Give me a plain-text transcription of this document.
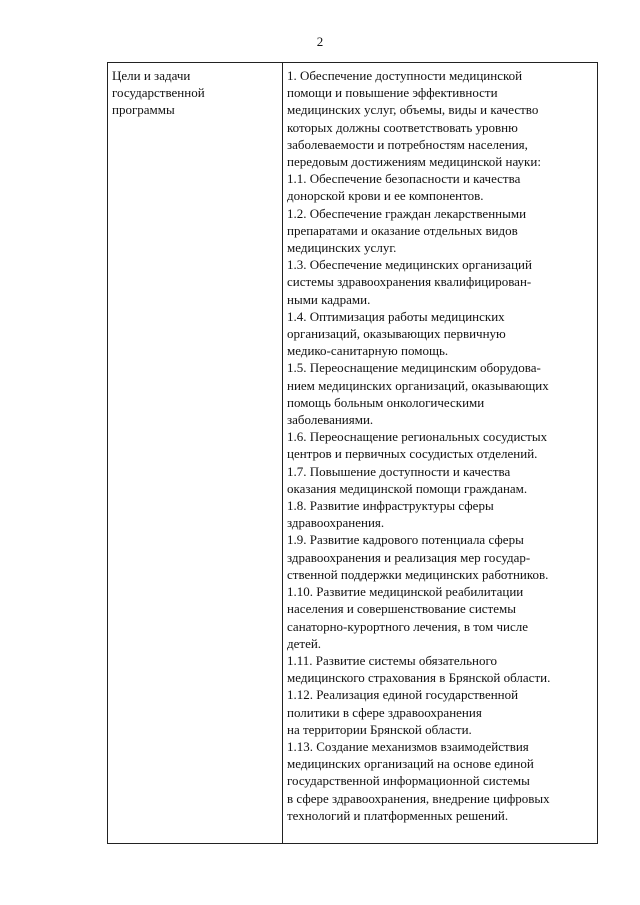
2
Цели и задачи
государственной
программы
1. Обеспечение доступности медицинской
помощи и повышение эффективности
медицинских услуг, объемы, виды и качество
которых должны соответствовать уровню
заболеваемости и потребностям населения,
передовым достижениям медицинской науки:
1.1. Обеспечение безопасности и качества
донорской крови и ее компонентов.
1.2. Обеспечение граждан лекарственными
препаратами и оказание отдельных видов
медицинских услуг.
1.3. Обеспечение медицинских организаций
системы здравоохранения квалифицирован-
ными кадрами.
1.4. Оптимизация работы медицинских
организаций, оказывающих первичную
медико-санитарную помощь.
1.5. Переоснащение медицинским оборудова-
нием медицинских организаций, оказывающих
помощь больным онкологическими
заболеваниями.
1.6. Переоснащение региональных сосудистых
центров и первичных сосудистых отделений.
1.7. Повышение доступности и качества
оказания медицинской помощи гражданам.
1.8. Развитие инфраструктуры сферы
здравоохранения.
1.9. Развитие кадрового потенциала сферы
здравоохранения и реализация мер государ-
ственной поддержки медицинских работников.
1.10. Развитие медицинской реабилитации
населения и совершенствование системы
санаторно-курортного лечения, в том числе
детей.
1.11. Развитие системы обязательного
медицинского страхования в Брянской области.
1.12. Реализация единой государственной
политики в сфере здравоохранения
на территории Брянской области.
1.13. Создание механизмов взаимодействия
медицинских организаций на основе единой
государственной информационной системы
в сфере здравоохранения, внедрение цифровых
технологий и платформенных решений.
